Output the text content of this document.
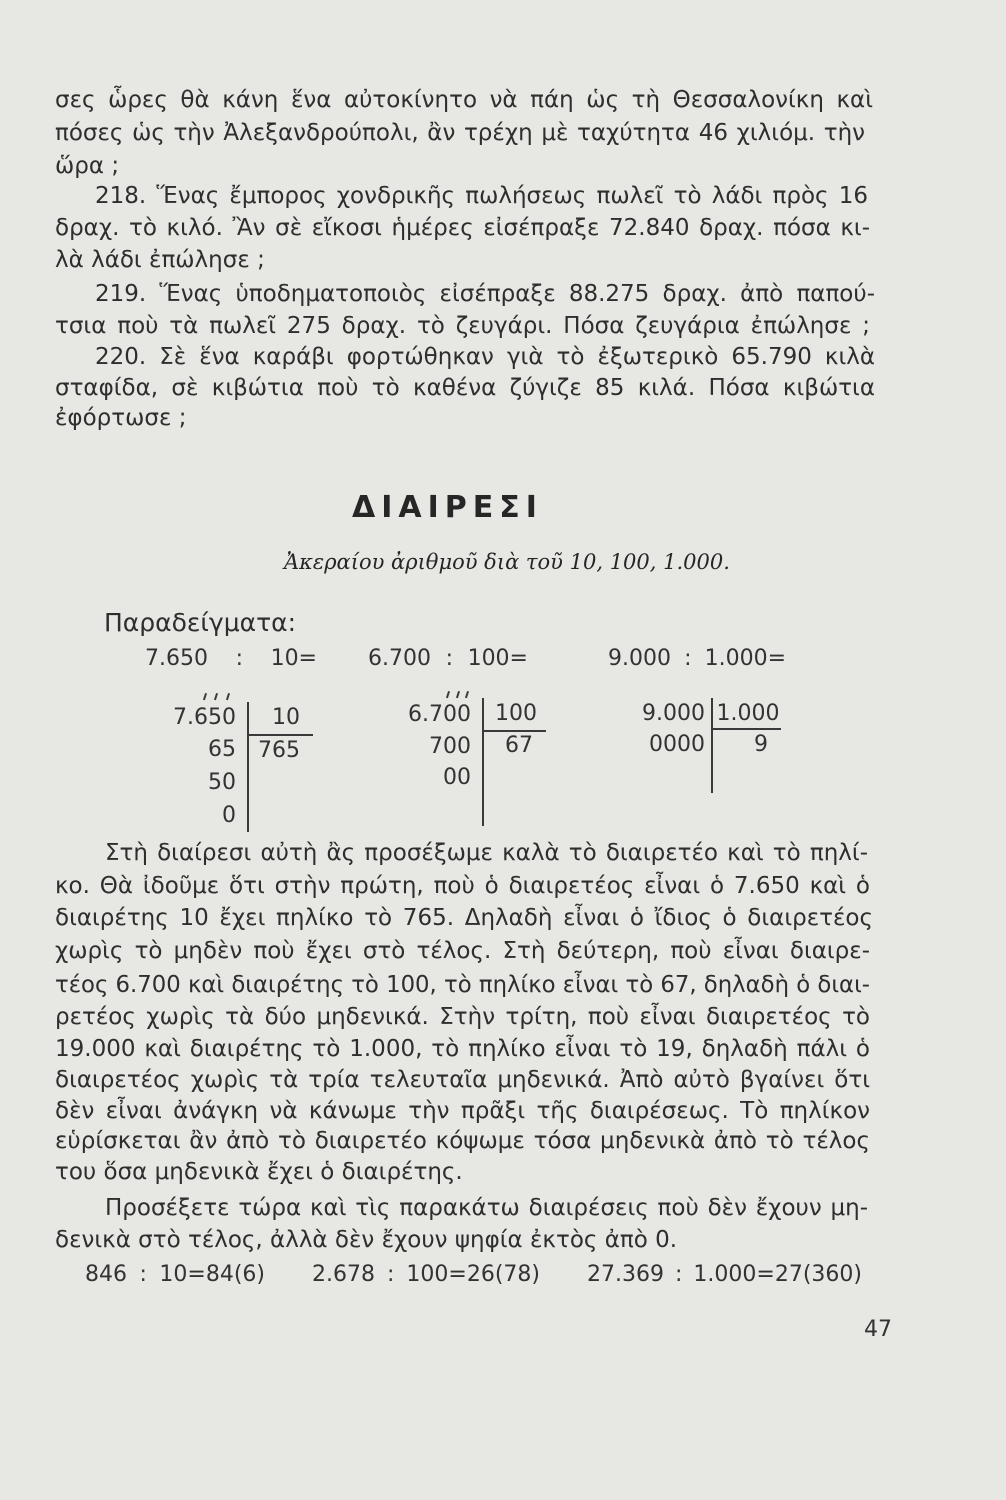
σες ὧρες θὰ κάνη ἕνα αὐτοκίνητο νὰ πάη ὡς τὴ Θεσσαλονίκη καὶ
πόσες ὡς τὴν Ἀλεξανδρούπολι, ἂν τρέχη μὲ ταχύτητα 46 χιλιόμ. τὴν
ὥρα ;
218. Ἕνας ἔμπορος χονδρικῆς πωλήσεως πωλεῖ τὸ λάδι πρὸς 16
δραχ. τὸ κιλό. Ἂν σὲ εἴκοσι ἡμέρες εἰσέπραξε 72.840 δραχ. πόσα κι-
λὰ λάδι ἐπώλησε ;
219. Ἕνας ὑποδηματοποιὸς εἰσέπραξε 88.275 δραχ. ἀπὸ παπού-
τσια ποὺ τὰ πωλεῖ 275 δραχ. τὸ ζευγάρι. Πόσα ζευγάρια ἐπώλησε ;
220. Σὲ ἕνα καράβι φορτώθηκαν γιὰ τὸ ἐξωτερικὸ 65.790 κιλὰ
σταφίδα, σὲ κιβώτια ποὺ τὸ καθένα ζύγιζε 85 κιλά. Πόσα κιβώτια
ἐφόρτωσε ;
ΔΙΑΙΡΕΣΙ
Ἀκεραίου ἀριθμοῦ διὰ τοῦ 10, 100, 1.000.
Παραδείγματα:
7.650 : 10= 6.700 : 100=	9.000 : 1.000=
7.650
65
50
0
10
765
6.700
700
00
100
67
9.000
0000
1.000
9
Στὴ διαίρεσι αὐτὴ ἂς προσέξωμε καλὰ τὸ διαιρετέο καὶ τὸ πηλί-
κο. Θὰ ἰδοῦμε ὅτι στὴν πρώτη, ποὺ ὁ διαιρετέος εἶναι ὁ 7.650 καὶ ὁ
διαιρέτης 10 ἔχει πηλίκο τὸ 765. Δηλαδὴ εἶναι ὁ ἴδιος ὁ διαιρετέος
χωρὶς τὸ μηδὲν ποὺ ἔχει στὸ τέλος. Στὴ δεύτερη, ποὺ εἶναι διαιρε-
τέος 6.700 καὶ διαιρέτης τὸ 100, τὸ πηλίκο εἶναι τὸ 67, δηλαδὴ ὁ διαι-
ρετέος χωρὶς τὰ δύο μηδενικά. Στὴν τρίτη, ποὺ εἶναι διαιρετέος τὸ
19.000 καὶ διαιρέτης τὸ 1.000, τὸ πηλίκο εἶναι τὸ 19, δηλαδὴ πάλι ὁ
διαιρετέος χωρὶς τὰ τρία τελευταῖα μηδενικά. Ἀπὸ αὐτὸ βγαίνει ὅτι
δὲν εἶναι ἀνάγκη νὰ κάνωμε τὴν πρᾶξι τῆς διαιρέσεως. Τὸ πηλίκον
εὑρίσκεται ἂν ἀπὸ τὸ διαιρετέο κόψωμε τόσα μηδενικὰ ἀπὸ τὸ τέλος
του ὅσα μηδενικὰ ἔχει ὁ διαιρέτης.
Προσέξετε τώρα καὶ τὶς παρακάτω διαιρέσεις ποὺ δὲν ἔχουν μη-
δενικὰ στὸ τέλος, ἀλλὰ δὲν ἔχουν ψηφία ἐκτὸς ἀπὸ 0.
846 : 10=84(6) 2.678 : 100=26(78) 27.369 : 1.000=27(360)
47
